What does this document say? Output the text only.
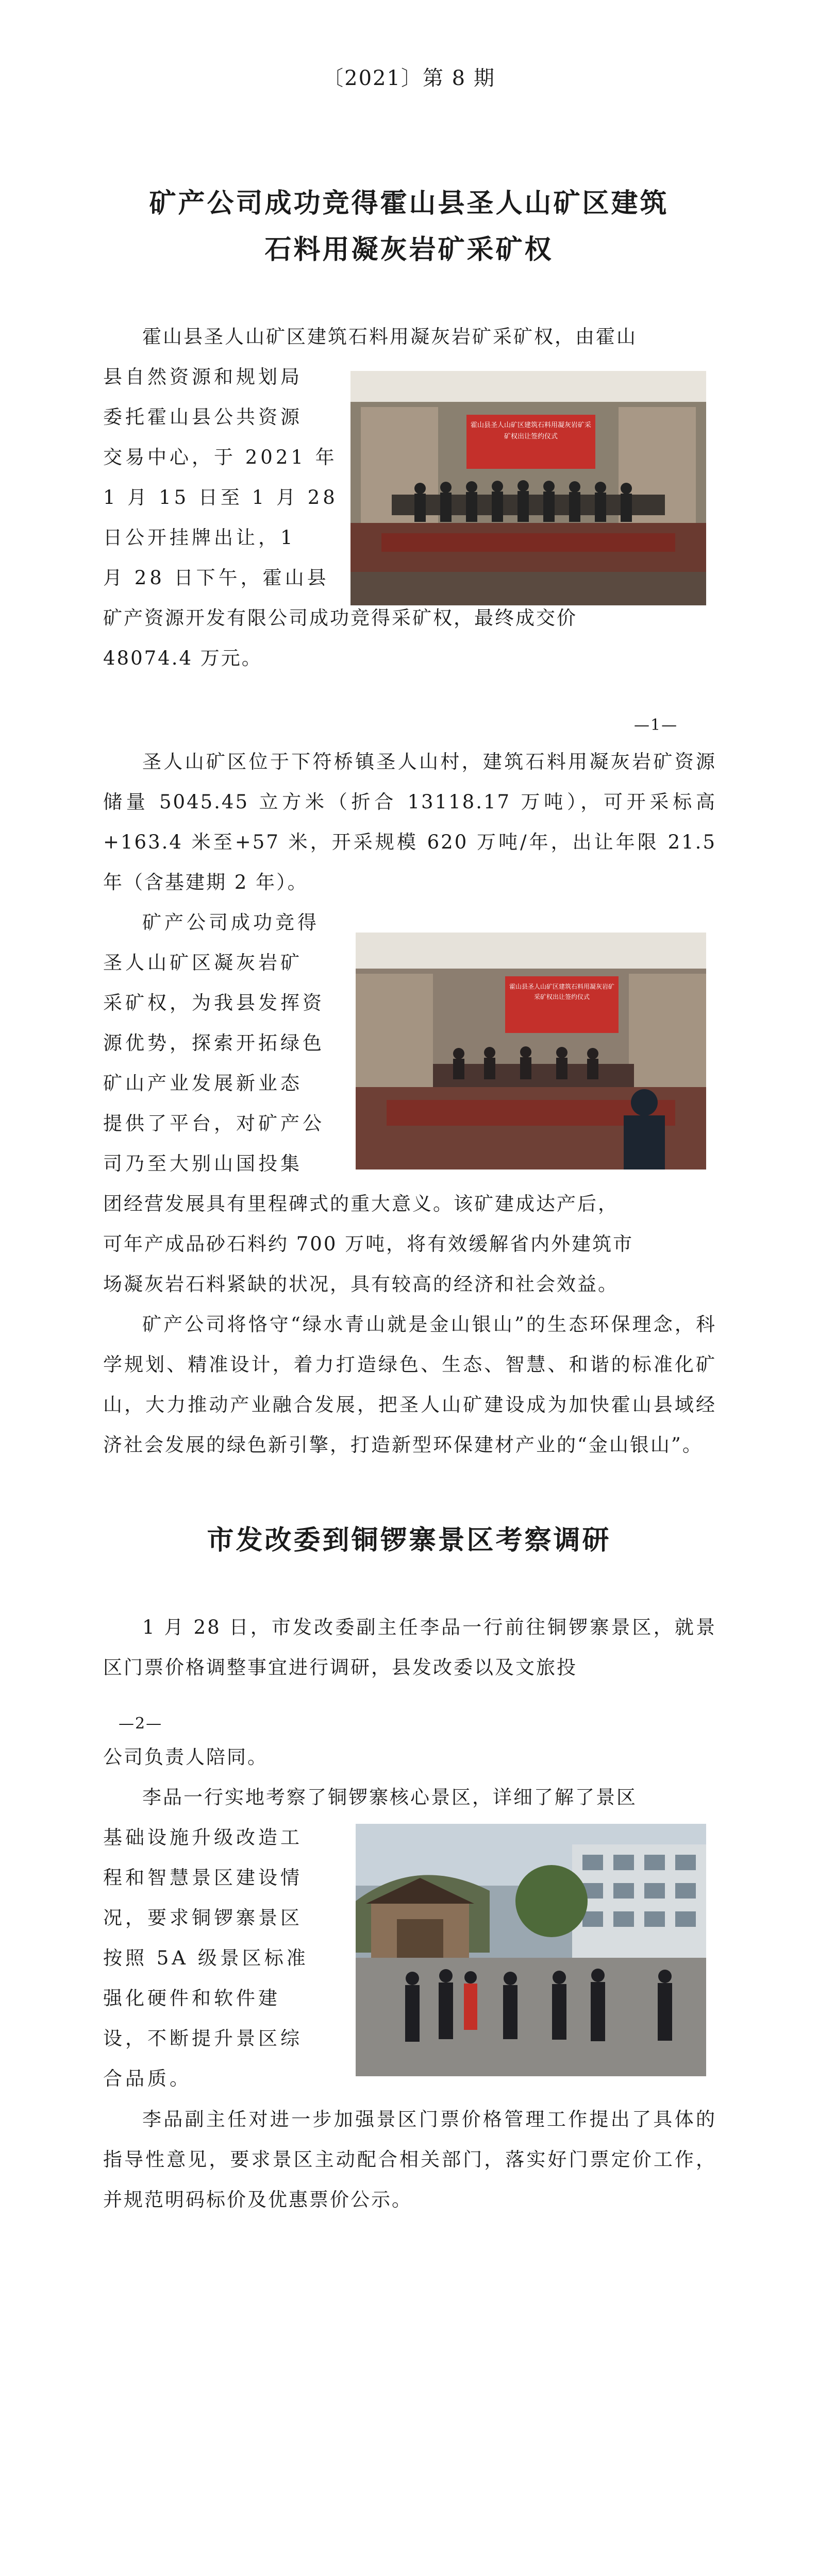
〔2021〕第 8 期
矿产公司成功竞得霍山县圣人山矿区建筑
石料用凝灰岩矿采矿权
霍山县圣人山矿区建筑石料用凝灰岩矿采矿权，由霍山
县自然资源和规划局
委托霍山县公共资源
交易中心，于 2021 年
1 月 15 日至 1 月 28
日公开挂牌出让，1
月 28 日下午，霍山县
霍山县圣人山矿区建筑石料用凝灰岩矿采矿权出让签约仪式
矿产资源开发有限公司成功竞得采矿权，最终成交价
48074.4 万元。
—1—
圣人山矿区位于下符桥镇圣人山村，建筑石料用凝灰岩矿资源储量 5045.45 立方米（折合 13118.17 万吨），可开采标高+163.4 米至+57 米，开采规模 620 万吨/年，出让年限 21.5 年（含基建期 2 年）。
矿产公司成功竞得
圣人山矿区凝灰岩矿
采矿权，为我县发挥资
源优势，探索开拓绿色
矿山产业发展新业态
提供了平台，对矿产公
司乃至大别山国投集
霍山县圣人山矿区建筑石料用凝灰岩矿采矿权出让签约仪式
团经营发展具有里程碑式的重大意义。该矿建成达产后，
可年产成品砂石料约 700 万吨，将有效缓解省内外建筑市
场凝灰岩石料紧缺的状况，具有较高的经济和社会效益。
矿产公司将恪守“绿水青山就是金山银山”的生态环保理念，科学规划、精准设计，着力打造绿色、生态、智慧、和谐的标准化矿山，大力推动产业融合发展，把圣人山矿建设成为加快霍山县域经济社会发展的绿色新引擎，打造新型环保建材产业的“金山银山”。
市发改委到铜锣寨景区考察调研
1 月 28 日，市发改委副主任李品一行前往铜锣寨景区，就景区门票价格调整事宜进行调研，县发改委以及文旅投
—2—
公司负责人陪同。
李品一行实地考察了铜锣寨核心景区，详细了解了景区
基础设施升级改造工
程和智慧景区建设情
况，要求铜锣寨景区
按照 5A 级景区标准
强化硬件和软件建
设，不断提升景区综
合品质。
李品副主任对进一步加强景区门票价格管理工作提出了具体的指导性意见，要求景区主动配合相关部门，落实好门票定价工作，并规范明码标价及优惠票价公示。
